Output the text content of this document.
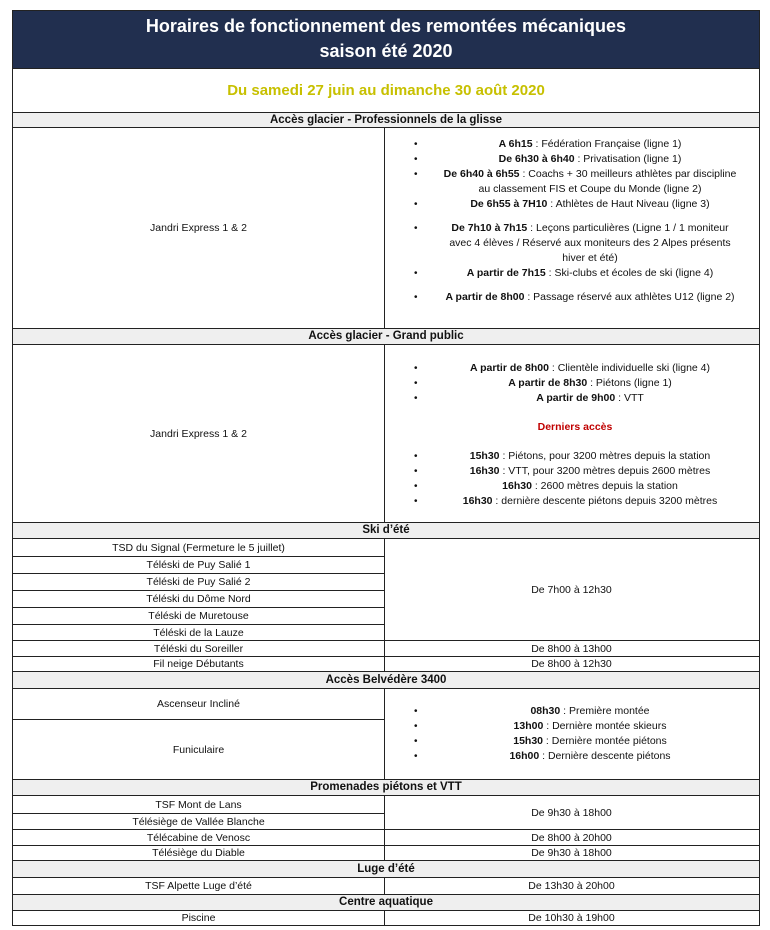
Horaires de fonctionnement des remontées mécaniques
saison été 2020
Du samedi 27 juin au dimanche 30 août 2020
Accès glacier - Professionnels de la glisse
Jandri Express 1 & 2
• A 6h15 : Fédération Française (ligne 1)
• De 6h30 à 6h40 : Privatisation (ligne 1)
• De 6h40 à 6h55 : Coachs + 30 meilleurs athlètes par discipline au classement FIS et Coupe du Monde (ligne 2)
• De 6h55 à 7H10 : Athlètes de Haut Niveau (ligne 3)
• De 7h10 à 7h15 : Leçons particulières (Ligne 1 / 1 moniteur avec 4 élèves / Réservé aux moniteurs des 2 Alpes présents hiver et été)
• A partir de 7h15 : Ski-clubs et écoles de ski (ligne 4)
• A partir de 8h00 : Passage réservé aux athlètes U12 (ligne 2)
Accès glacier - Grand public
Jandri Express 1 & 2
• A partir de 8h00 : Clientèle individuelle ski (ligne 4)
• A partir de 8h30 : Piétons (ligne 1)
• A partir de 9h00 : VTT
Derniers accès
• 15h30 : Piétons, pour 3200 mètres depuis la station
• 16h30 : VTT, pour 3200 mètres depuis 2600 mètres
• 16h30 : 2600 mètres depuis la station
• 16h30 : dernière descente piétons depuis 3200 mètres
Ski d’été
TSD du Signal (Fermeture le 5 juillet)
Téléski de Puy Salié 1
Téléski de Puy Salié 2
Téléski du Dôme Nord
Téléski de Muretouse
Téléski de la Lauze
Téléski du Soreiller
Fil neige Débutants
De 7h00 à 12h30
De 8h00 à 13h00
De 8h00 à 12h30
Accès Belvédère 3400
Ascenseur Incliné
Funiculaire
• 08h30 : Première montée
• 13h00 : Dernière montée skieurs
• 15h30 : Dernière montée piétons
• 16h00 : Dernière descente piétons
Promenades piétons et VTT
TSF Mont de Lans
Télésiège de Vallée Blanche
Télécabine de Venosc
Télésiège du Diable
De 9h30 à 18h00
De 8h00 à 20h00
De 9h30 à 18h00
Luge d’été
TSF Alpette Luge d’été	De 13h30 à 20h00
Centre aquatique
Piscine	De 10h30 à 19h00
